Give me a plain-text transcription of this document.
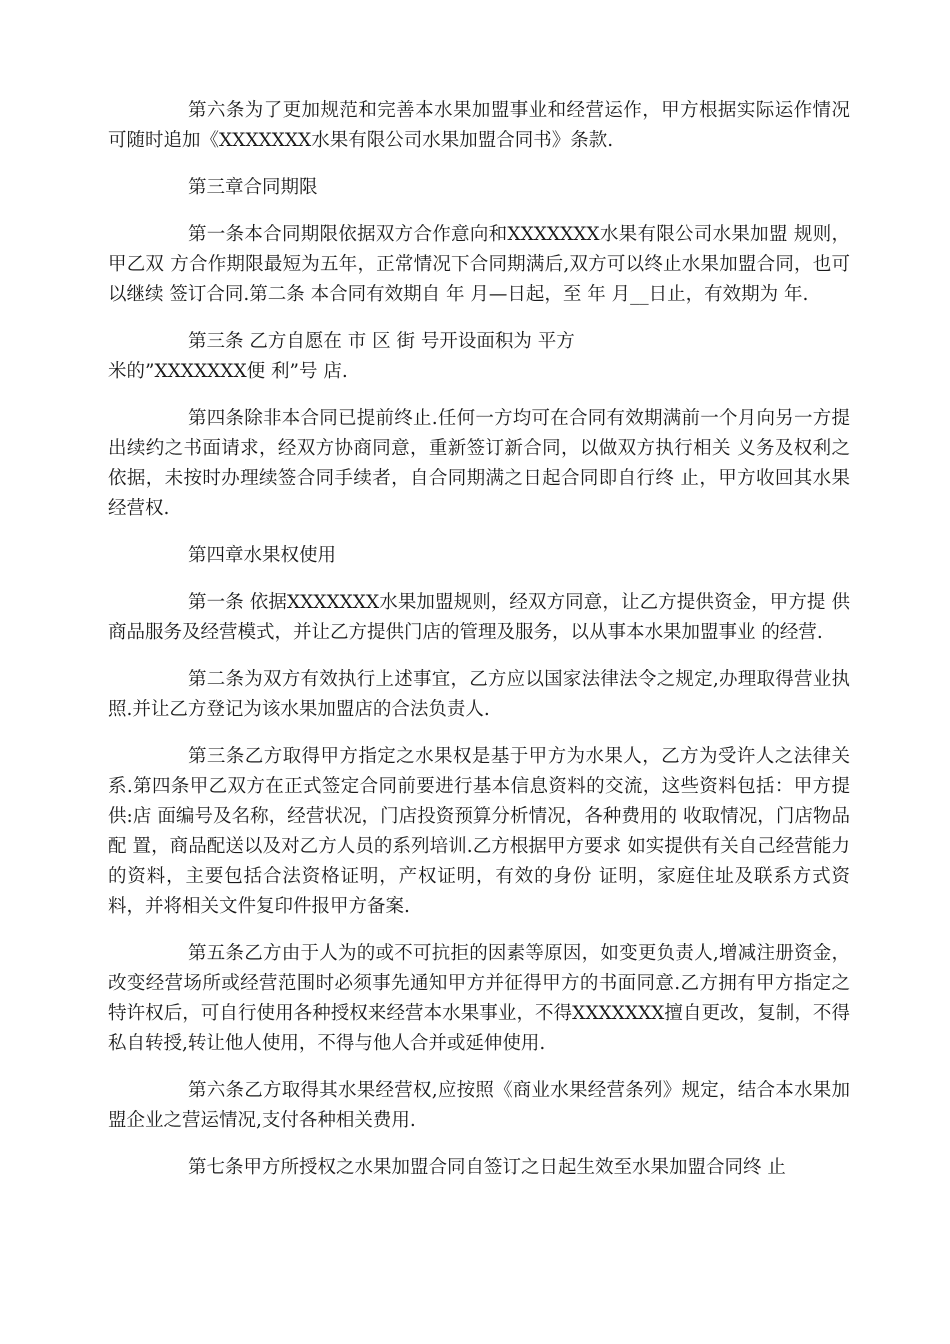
第六条为了更加规范和完善本水果加盟事业和经营运作，甲方根据实际运作情况可随时追加《XXXXXXX水果有限公司水果加盟合同书》条款.

第三章合同期限

第一条本合同期限依据双方合作意向和XXXXXXX水果有限公司水果加盟 规则，甲乙双 方合作期限最短为五年，正常情况下合同期满后,双方可以终止水果加盟合同，也可以继续 签订合同.第二条 本合同有效期自 年 月—日起，至 年 月__日止，有效期为 年.

第三条 乙方自愿在 市 区 街 号开设面积为 平方

米的”XXXXXXX便 利”号 店.

第四条除非本合同已提前终止.任何一方均可在合同有效期满前一个月向另一方提出续约之书面请求，经双方协商同意，重新签订新合同，以做双方执行相关 义务及权利之依据，未按时办理续签合同手续者，自合同期满之日起合同即自行终 止，甲方收回其水果经营权.

第四章水果权使用

第一条 依据XXXXXXX水果加盟规则，经双方同意，让乙方提供资金，甲方提 供商品服务及经营模式，并让乙方提供门店的管理及服务，以从事本水果加盟事业 的经营.

第二条为双方有效执行上述事宜，乙方应以国家法律法令之规定,办理取得营业执照.并让乙方登记为该水果加盟店的合法负责人.

第三条乙方取得甲方指定之水果权是基于甲方为水果人，乙方为受许人之法律关系.第四条甲乙双方在正式签定合同前要进行基本信息资料的交流，这些资料包括：甲方提供:店 面编号及名称，经营状况，门店投资预算分析情况，各种费用的 收取情况，门店物品配 置，商品配送以及对乙方人员的系列培训.乙方根据甲方要求 如实提供有关自己经营能力的资料，主要包括合法资格证明，产权证明，有效的身份 证明，家庭住址及联系方式资料，并将相关文件复印件报甲方备案.

第五条乙方由于人为的或不可抗拒的因素等原因，如变更负责人,增减注册资金，改变经营场所或经营范围时必须事先通知甲方并征得甲方的书面同意.乙方拥有甲方指定之特许权后，可自行使用各种授权来经营本水果事业，不得XXXXXXX擅自更改，复制，不得私自转授,转让他人使用，不得与他人合并或延伸使用.

第六条乙方取得其水果经营权,应按照《商业水果经营条列》规定，结合本水果加盟企业之营运情况,支付各种相关费用.

第七条甲方所授权之水果加盟合同自签订之日起生效至水果加盟合同终 止
